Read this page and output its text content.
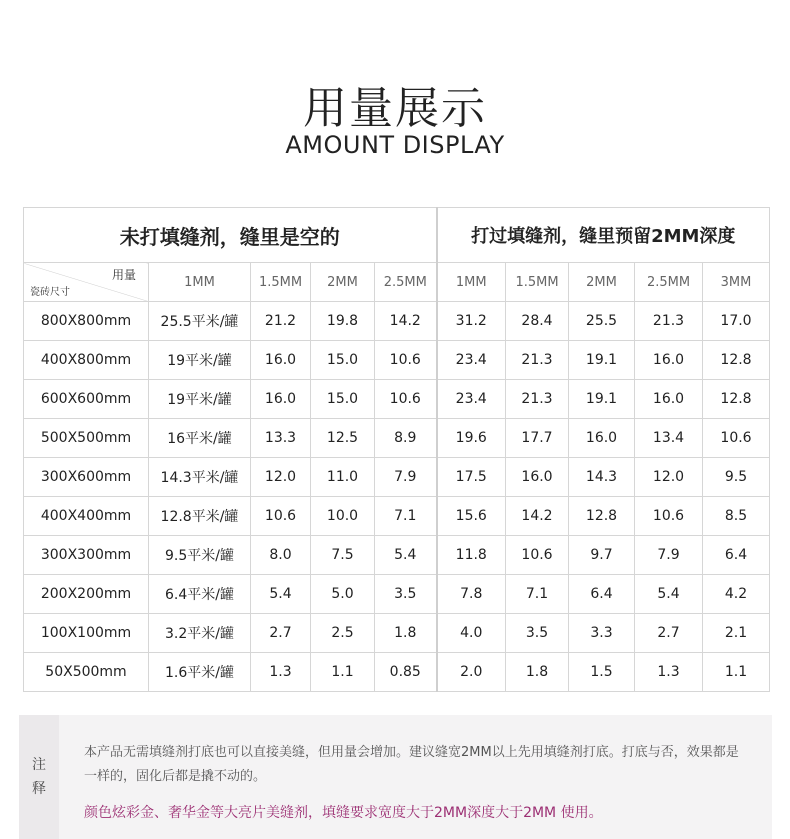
用量展示
AMOUNT DISPLAY
未打填缝剂，缝里是空的					打过填缝剂，缝里预留2MM深度				

用量
瓷砖尺寸	1MM	1.5MM	2MM	2.5MM	1MM	1.5MM	2MM	2.5MM	3MM
800X800mm	25.5平米/罐	21.2	19.8	14.2	31.2	28.4	25.5	21.3	17.0
400X800mm	19平米/罐	16.0	15.0	10.6	23.4	21.3	19.1	16.0	12.8
600X600mm	19平米/罐	16.0	15.0	10.6	23.4	21.3	19.1	16.0	12.8
500X500mm	16平米/罐	13.3	12.5	8.9	19.6	17.7	16.0	13.4	10.6
300X600mm	14.3平米/罐	12.0	11.0	7.9	17.5	16.0	14.3	12.0	9.5
400X400mm	12.8平米/罐	10.6	10.0	7.1	15.6	14.2	12.8	10.6	8.5
300X300mm	9.5平米/罐	8.0	7.5	5.4	11.8	10.6	9.7	7.9	6.4
200X200mm	6.4平米/罐	5.4	5.0	3.5	7.8	7.1	6.4	5.4	4.2
100X100mm	3.2平米/罐	2.7	2.5	1.8	4.0	3.5	3.3	2.7	2.1
50X500mm	1.6平米/罐	1.3	1.1	0.85	2.0	1.8	1.5	1.3	1.1
注
释
本产品无需填缝剂打底也可以直接美缝，但用量会增加。建议缝宽2MM以上先用填缝剂打底。打底与否，效果都是一样的，固化后都是撬不动的。
颜色炫彩金、奢华金等大亮片美缝剂，填缝要求宽度大于2MM深度大于2MM 使用。
